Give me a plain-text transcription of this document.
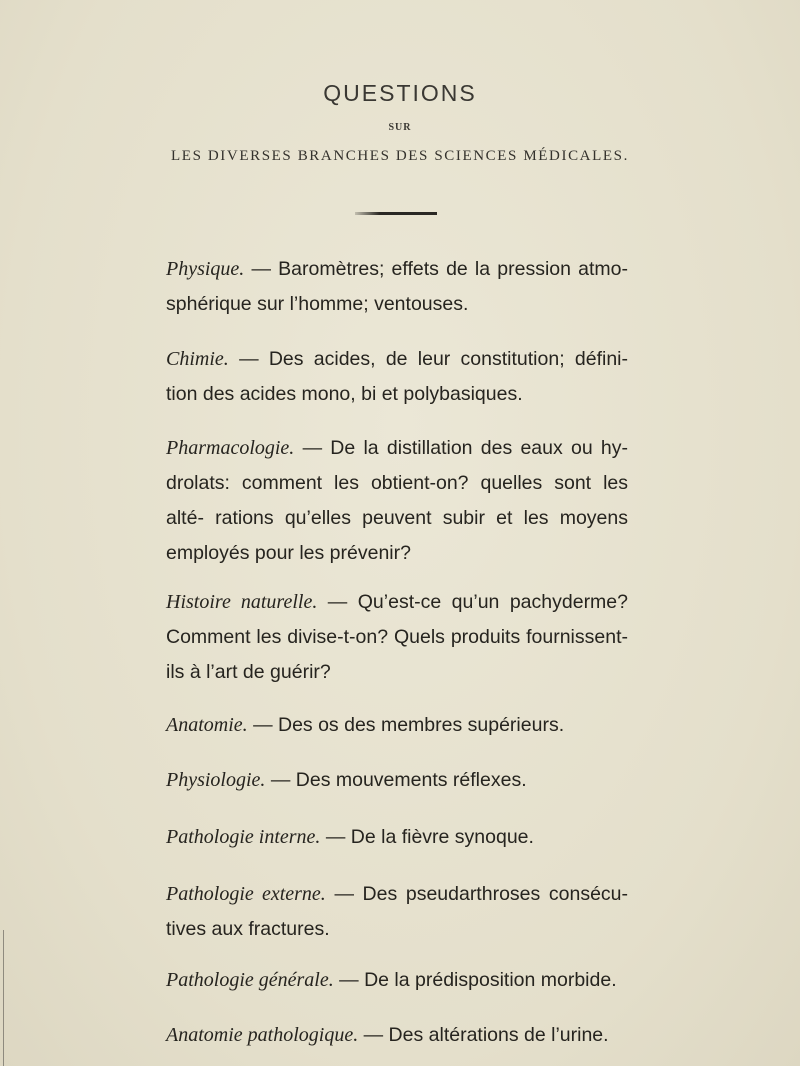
QUESTIONS
SUR
LES DIVERSES BRANCHES DES SCIENCES MÉDICALES.
Physique. — Baromètres; effets de la pression atmo- sphérique sur l’homme; ventouses.
Chimie. — Des acides, de leur constitution; défini- tion des acides mono, bi et polybasiques.
Pharmacologie. — De la distillation des eaux ou hy- drolats: comment les obtient-on? quelles sont les alté- rations qu’elles peuvent subir et les moyens employés pour les prévenir?
Histoire naturelle. — Qu’est-ce qu’un pachyderme? Comment les divise-t-on? Quels produits fournissent- ils à l’art de guérir?
Anatomie. — Des os des membres supérieurs.
Physiologie. — Des mouvements réflexes.
Pathologie interne. — De la fièvre synoque.
Pathologie externe. — Des pseudarthroses consécu- tives aux fractures.
Pathologie générale. — De la prédisposition morbide.
Anatomie pathologique. — Des altérations de l’urine.
